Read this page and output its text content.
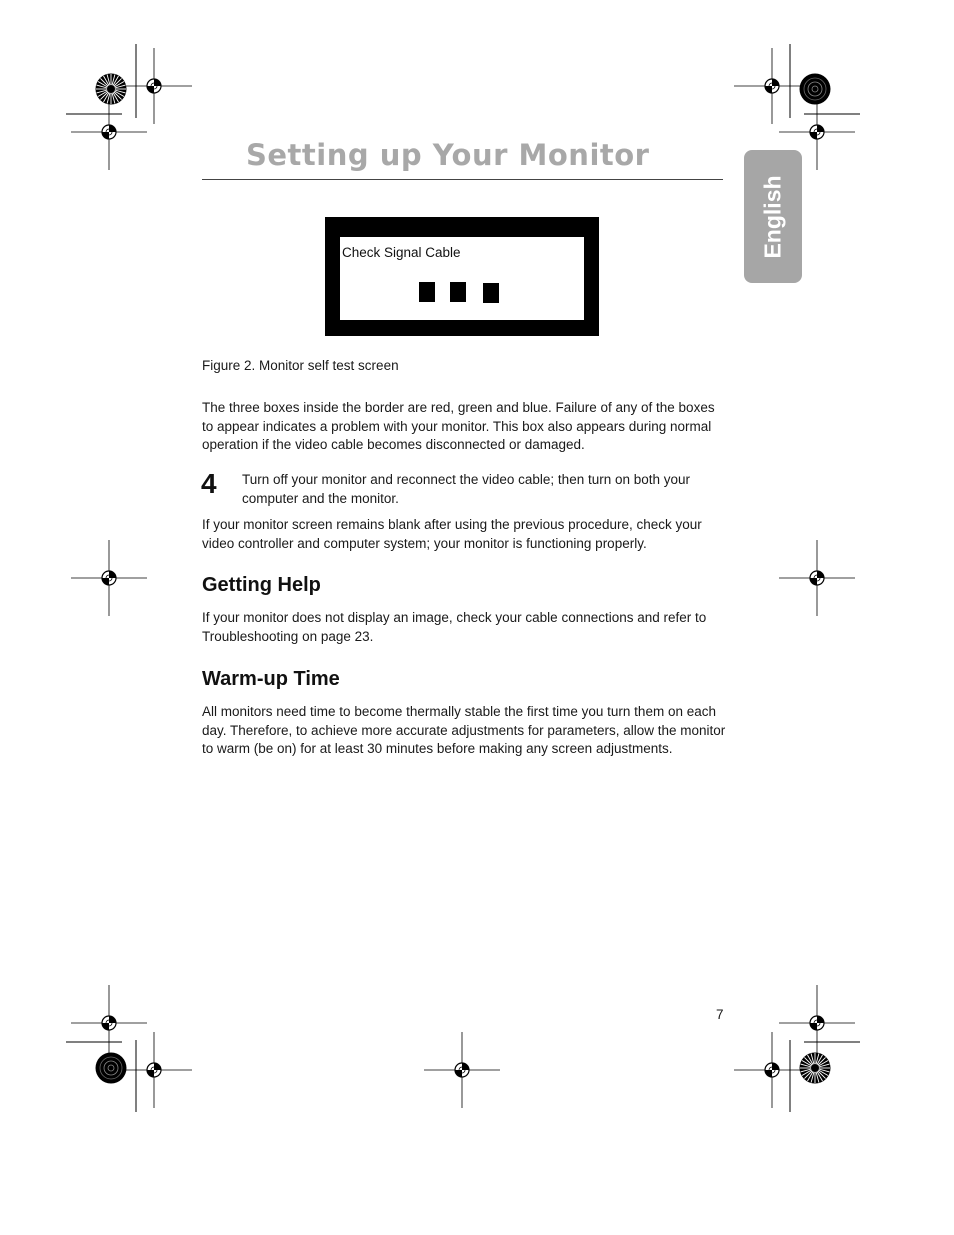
Setting up Your Monitor
English
Check Signal Cable
Figure 2. Monitor self test screen

The three boxes inside the border are red, green and blue. Failure of any of the boxes to appear indicates a problem with your monitor. This box also appears during normal operation if the video cable becomes disconnected or damaged.

4 Turn off your monitor and reconnect the video cable; then turn on both your computer and the monitor.

If your monitor screen remains blank after using the previous procedure, check your video controller and computer system; your monitor is functioning properly.

Getting Help

If your monitor does not display an image, check your cable connections and refer to Troubleshooting on page 23.

Warm-up Time

All monitors need time to become thermally stable the first time you turn them on each day. Therefore, to achieve more accurate adjustments for parameters, allow the monitor to warm (be on) for at least 30 minutes before making any screen adjustments.

7
